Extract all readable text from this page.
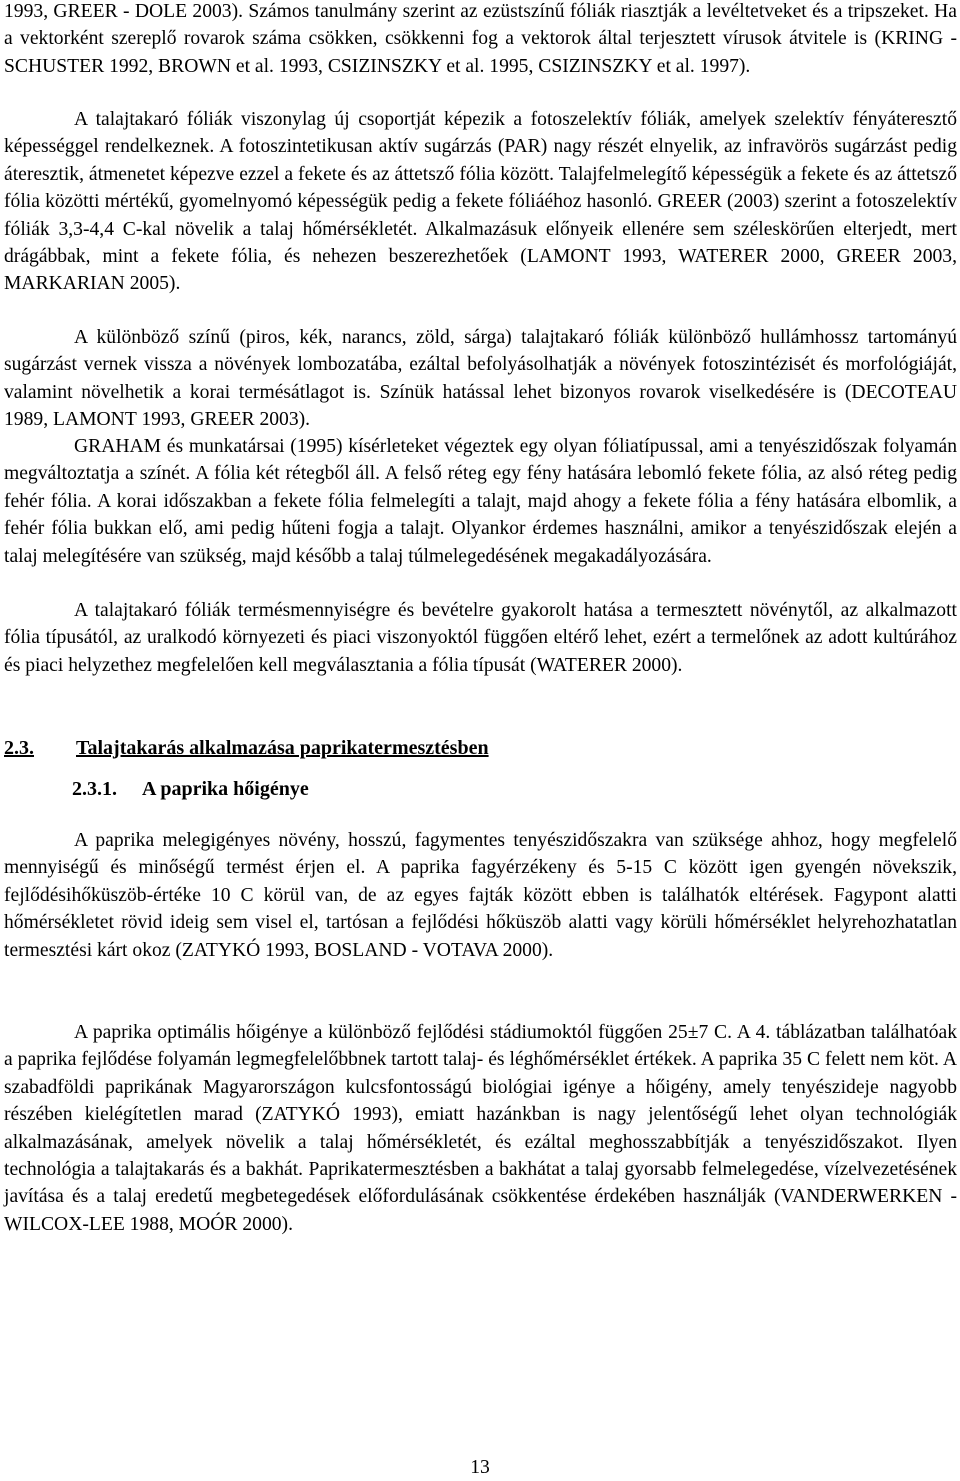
1993, GREER - DOLE 2003). Számos tanulmány szerint az ezüstszínű fóliák riasztják a levéltetveket és a tripszeket. Ha a vektorként szereplő rovarok száma csökken, csökkenni fog a vektorok által terjesztett vírusok átvitele is (KRING - SCHUSTER 1992, BROWN et al. 1993, CSIZINSZKY et al. 1995, CSIZINSZKY et al. 1997).

A talajtakaró fóliák viszonylag új csoportját képezik a fotoszelektív fóliák, amelyek szelektív fényáteresztő képességgel rendelkeznek. A fotoszintetikusan aktív sugárzás (PAR) nagy részét elnyelik, az infravörös sugárzást pedig áteresztik, átmenetet képezve ezzel a fekete és az áttetsző fólia között. Talajfelmelegítő képességük a fekete és az áttetsző fólia közötti mértékű, gyomelnyomó képességük pedig a fekete fóliáéhoz hasonló. GREER (2003) szerint a fotoszelektív fóliák 3,3-4,4 C-kal növelik a talaj hőmérsékletét. Alkalmazásuk előnyeik ellenére sem széleskörűen elterjedt, mert drágábbak, mint a fekete fólia, és nehezen beszerezhetőek (LAMONT 1993, WATERER 2000, GREER 2003, MARKARIAN 2005).

A különböző színű (piros, kék, narancs, zöld, sárga) talajtakaró fóliák különböző hullámhossz tartományú sugárzást vernek vissza a növények lombozatába, ezáltal befolyásolhatják a növények fotoszintézisét és morfológiáját, valamint növelhetik a korai termésátlagot is. Színük hatással lehet bizonyos rovarok viselkedésére is (DECOTEAU 1989, LAMONT 1993, GREER 2003).

GRAHAM és munkatársai (1995) kísérleteket végeztek egy olyan fóliatípussal, ami a tenyészidőszak folyamán megváltoztatja a színét. A fólia két rétegből áll. A felső réteg egy fény hatására lebomló fekete fólia, az alsó réteg pedig fehér fólia. A korai időszakban a fekete fólia felmelegíti a talajt, majd ahogy a fekete fólia a fény hatására elbomlik, a fehér fólia bukkan elő, ami pedig hűteni fogja a talajt. Olyankor érdemes használni, amikor a tenyészidőszak elején a talaj melegítésére van szükség, majd később a talaj túlmelegedésének megakadályozására.

A talajtakaró fóliák termésmennyiségre és bevételre gyakorolt hatása a termesztett növénytől, az alkalmazott fólia típusától, az uralkodó környezeti és piaci viszonyoktól függően eltérő lehet, ezért a termelőnek az adott kultúrához és piaci helyzethez megfelelően kell megválasztania a fólia típusát (WATERER 2000).

2.3. Talajtakarás alkalmazása paprikatermesztésben
2.3.1. A paprika hőigénye

A paprika melegigényes növény, hosszú, fagymentes tenyészidőszakra van szüksége ahhoz, hogy megfelelő mennyiségű és minőségű termést érjen el. A paprika fagyérzékeny és 5-15 C között igen gyengén növekszik, fejlődésihőküszöb-értéke 10 C körül van, de az egyes fajták között ebben is találhatók eltérések. Fagypont alatti hőmérsékletet rövid ideig sem visel el, tartósan a fejlődési hőküszöb alatti vagy körüli hőmérséklet helyrehozhatatlan termesztési kárt okoz (ZATYKÓ 1993, BOSLAND - VOTAVA 2000).

A paprika optimális hőigénye a különböző fejlődési stádiumoktól függően 25±7 C. A 4. táblázatban találhatóak a paprika fejlődése folyamán legmegfelelőbbnek tartott talaj- és léghőmérséklet értékek. A paprika 35 C felett nem köt. A szabadföldi paprikának Magyarországon kulcsfontosságú biológiai igénye a hőigény, amely tenyészideje nagyobb részében kielégítetlen marad (ZATYKÓ 1993), emiatt hazánkban is nagy jelentőségű lehet olyan technológiák alkalmazásának, amelyek növelik a talaj hőmérsékletét, és ezáltal meghosszabbítják a tenyészidőszakot. Ilyen technológia a talajtakarás és a bakhát. Paprikatermesztésben a bakhátat a talaj gyorsabb felmelegedése, vízelvezetésének javítása és a talaj eredetű megbetegedések előfordulásának csökkentése érdekében használják (VANDERWERKEN - WILCOX-LEE 1988, MOÓR 2000).

13
